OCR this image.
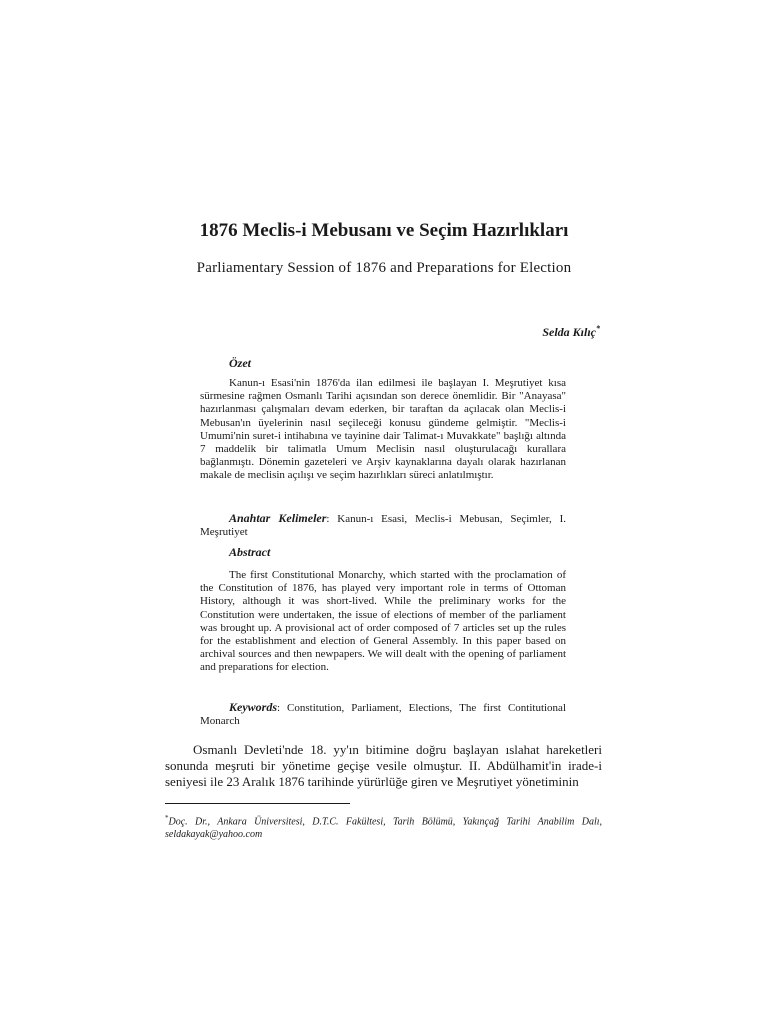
1876 Meclis-i Mebusanı ve Seçim Hazırlıkları
Parliamentary Session of 1876 and Preparations for Election
Selda Kılıç*
Özet
Kanun-ı Esasi'nin 1876'da ilan edilmesi ile başlayan I. Meşrutiyet kısa sürmesine rağmen Osmanlı Tarihi açısından son derece önemlidir. Bir "Anayasa" hazırlanması çalışmaları devam ederken, bir taraftan da açılacak olan Meclis-i Mebusan'ın üyelerinin nasıl seçileceği konusu gündeme gelmiştir. "Meclis-i Umumi'nin suret-i intihabına ve tayinine dair Talimat-ı Muvakkate" başlığı altında 7 maddelik bir talimatla Umum Meclisin nasıl oluşturulacağı kurallara bağlanmıştı. Dönemin gazeteleri ve Arşiv kaynaklarına dayalı olarak hazırlanan makale de meclisin açılışı ve seçim hazırlıkları süreci anlatılmıştır.
Anahtar Kelimeler: Kanun-ı Esasi, Meclis-i Mebusan, Seçimler, I. Meşrutiyet
Abstract
The first Constitutional Monarchy, which started with the proclamation of the Constitution of 1876, has played very important role in terms of Ottoman History, although it was short-lived. While the preliminary works for the Constitution were undertaken, the issue of elections of member of the parliament was brought up. A provisional act of order composed of 7 articles set up the rules for the establishment and election of General Assembly. In this paper based on archival sources and then newpapers. We will dealt with the opening of parliament and preparations for election.
Keywords: Constitution, Parliament, Elections, The first Contitutional Monarch
Osmanlı Devleti'nde 18. yy'ın bitimine doğru başlayan ıslahat hareketleri sonunda meşruti bir yönetime geçişe vesile olmuştur. II. Abdülhamit'in irade-i seniyesi ile 23 Aralık 1876 tarihinde yürürlüğe giren ve Meşrutiyet yönetiminin
*Doç. Dr., Ankara Üniversitesi, D.T.C. Fakültesi, Tarih Bölümü, Yakınçağ Tarihi Anabilim Dalı, seldakayak@yahoo.com
